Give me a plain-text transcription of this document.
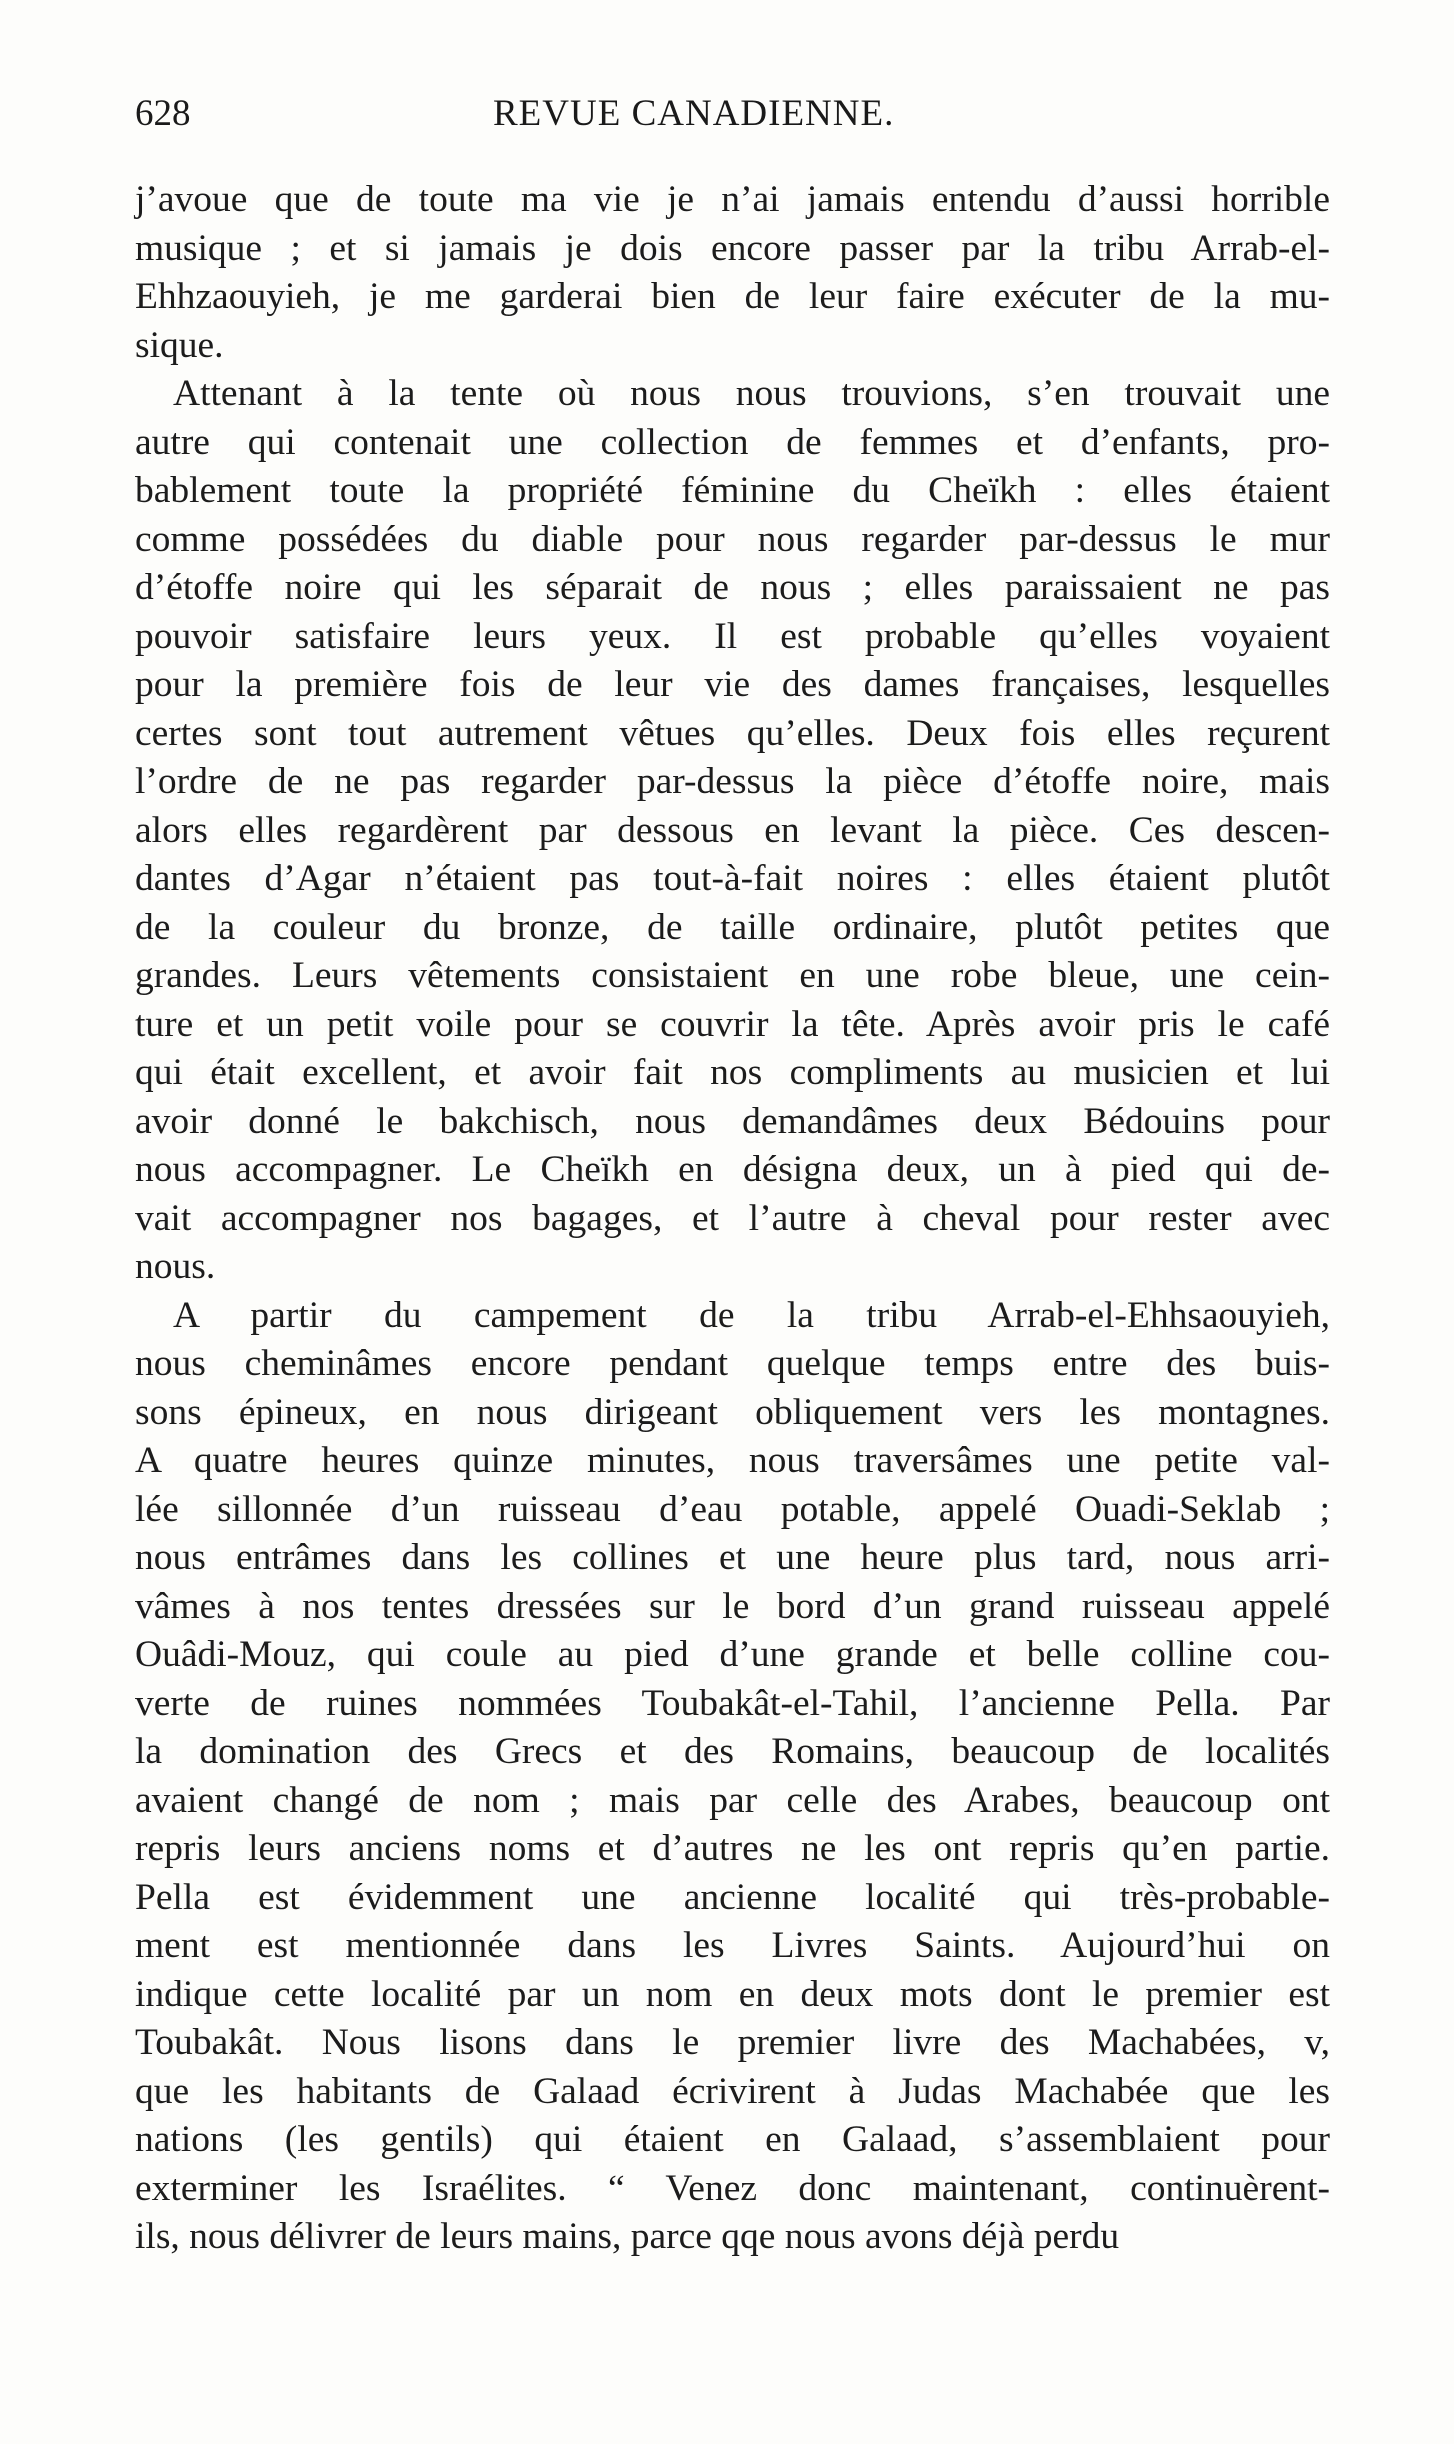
628	REVUE CANADIENNE.
j’avoue que de toute ma vie je n’ai jamais entendu d’aussi horrible
musique ; et si jamais je dois encore passer par la tribu Arrab-el-
Ehhzaouyieh, je me garderai bien de leur faire exécuter de la mu-
sique.
Attenant à la tente où nous nous trouvions, s’en trouvait une
autre qui contenait une collection de femmes et d’enfants, pro-
bablement toute la propriété féminine du Cheïkh : elles étaient
comme possédées du diable pour nous regarder par-dessus le mur
d’étoffe noire qui les séparait de nous ; elles paraissaient ne pas
pouvoir satisfaire leurs yeux. Il est probable qu’elles voyaient
pour la première fois de leur vie des dames françaises, lesquelles
certes sont tout autrement vêtues qu’elles. Deux fois elles reçurent
l’ordre de ne pas regarder par-dessus la pièce d’étoffe noire, mais
alors elles regardèrent par dessous en levant la pièce. Ces descen-
dantes d’Agar n’étaient pas tout-à-fait noires : elles étaient plutôt
de la couleur du bronze, de taille ordinaire, plutôt petites que
grandes. Leurs vêtements consistaient en une robe bleue, une cein-
ture et un petit voile pour se couvrir la tête. Après avoir pris le café
qui était excellent, et avoir fait nos compliments au musicien et lui
avoir donné le bakchisch, nous demandâmes deux Bédouins pour
nous accompagner. Le Cheïkh en désigna deux, un à pied qui de-
vait accompagner nos bagages, et l’autre à cheval pour rester avec
nous.
A partir du campement de la tribu Arrab-el-Ehhsaouyieh,
nous cheminâmes encore pendant quelque temps entre des buis-
sons épineux, en nous dirigeant obliquement vers les montagnes.
A quatre heures quinze minutes, nous traversâmes une petite val-
lée sillonnée d’un ruisseau d’eau potable, appelé Ouadi-Seklab ;
nous entrâmes dans les collines et une heure plus tard, nous arri-
vâmes à nos tentes dressées sur le bord d’un grand ruisseau appelé
Ouâdi-Mouz, qui coule au pied d’une grande et belle colline cou-
verte de ruines nommées Toubakât-el-Tahil, l’ancienne Pella. Par
la domination des Grecs et des Romains, beaucoup de localités
avaient changé de nom ; mais par celle des Arabes, beaucoup ont
repris leurs anciens noms et d’autres ne les ont repris qu’en partie.
Pella est évidemment une ancienne localité qui très-probable-
ment est mentionnée dans les Livres Saints. Aujourd’hui on
indique cette localité par un nom en deux mots dont le premier est
Toubakât. Nous lisons dans le premier livre des Machabées, v,
que les habitants de Galaad écrivirent à Judas Machabée que les
nations (les gentils) qui étaient en Galaad, s’assemblaient pour
exterminer les Israélites. “ Venez donc maintenant, continuèrent-
ils, nous délivrer de leurs mains, parce qqe nous avons déjà perdu
